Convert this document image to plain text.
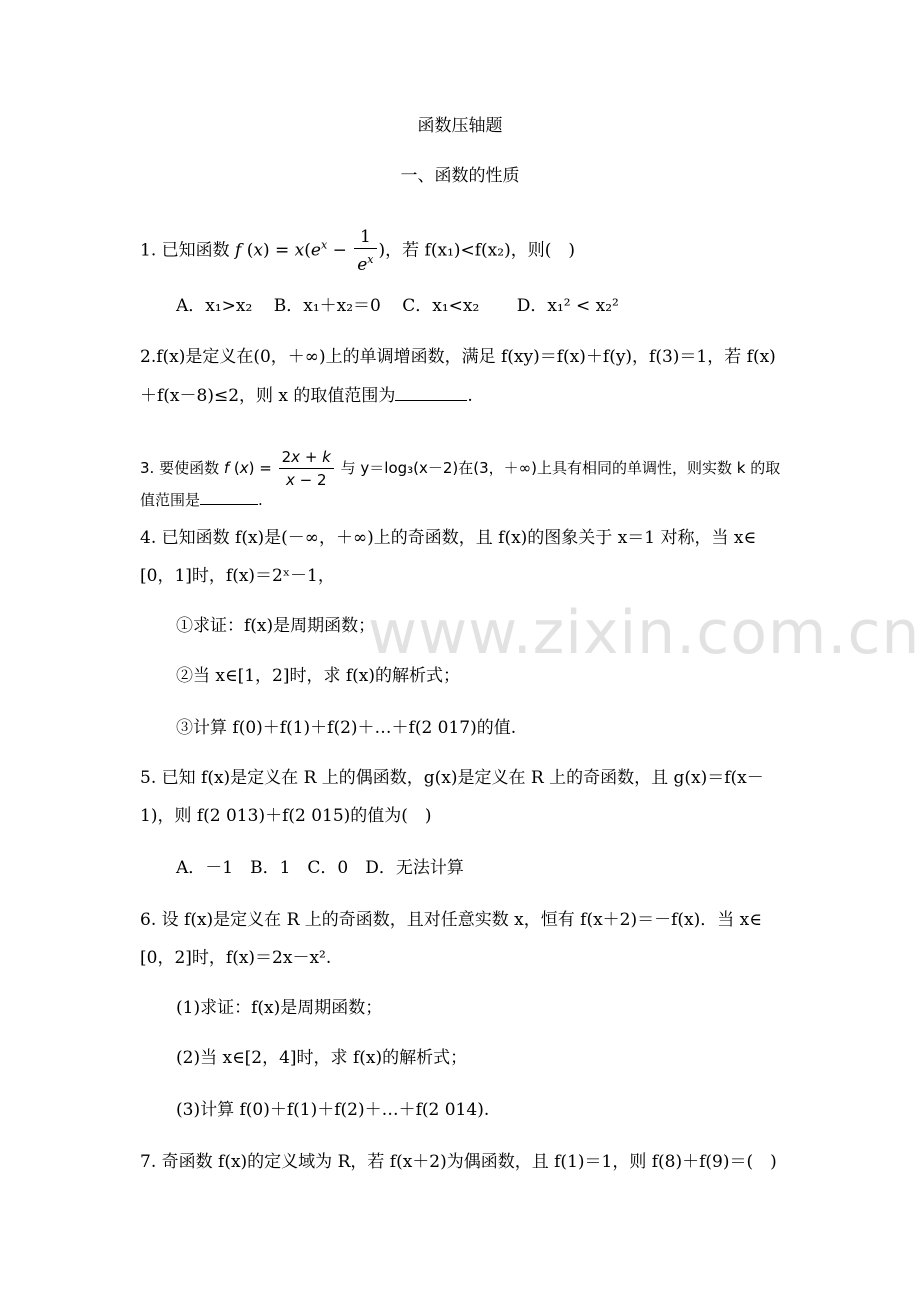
函数压轴题
一、函数的性质
1. 已知函数 f $(x) = x(e^x - \frac{1}{e^x}$ )，若 f(x₁)<f(x₂)，则(　)
A．x₁>x₂ B．x₁＋x₂＝0 C．x₁<x₂ D．x₁² < x₂²
2.f(x)是定义在(0，＋∞)上的单调增函数，满足 f(xy)＝f(x)＋f(y)，f(3)＝1，若 f(x)
＋f(x－8)≤2，则 x 的取值范围为	.
3. 要使函数 f $(x) = \frac{2x + k}{x - 2}$ 与 y＝log₃(x－2)在(3，＋∞)上具有相同的单调性，则实数 k 的取
值范围是	.
4. 已知函数 f(x)是(－∞，＋∞)上的奇函数，且 f(x)的图象关于 x＝1 对称，当 x∈
[0，1]时，f(x)＝2ˣ－1，
①求证：f(x)是周期函数；
②当 x∈[1，2]时，求 f(x)的解析式；
③计算 f(0)＋f(1)＋f(2)＋…＋f(2 017)的值.
5. 已知 f(x)是定义在 R 上的偶函数，g(x)是定义在 R 上的奇函数，且 g(x)＝f(x－
1)，则 f(2 013)＋f(2 015)的值为(　)
A．－1　B．1　C．0　D．无法计算
6. 设 f(x)是定义在 R 上的奇函数，且对任意实数 x，恒有 f(x＋2)＝－f(x)．当 x∈
[0，2]时，f(x)＝2x－x².
(1)求证：f(x)是周期函数；
(2)当 x∈[2，4]时，求 f(x)的解析式；
(3)计算 f(0)＋f(1)＋f(2)＋…＋f(2 014).
7. 奇函数 f(x)的定义域为 R，若 f(x＋2)为偶函数，且 f(1)＝1，则 f(8)＋f(9)＝(　)
www.zixin.com.cn
